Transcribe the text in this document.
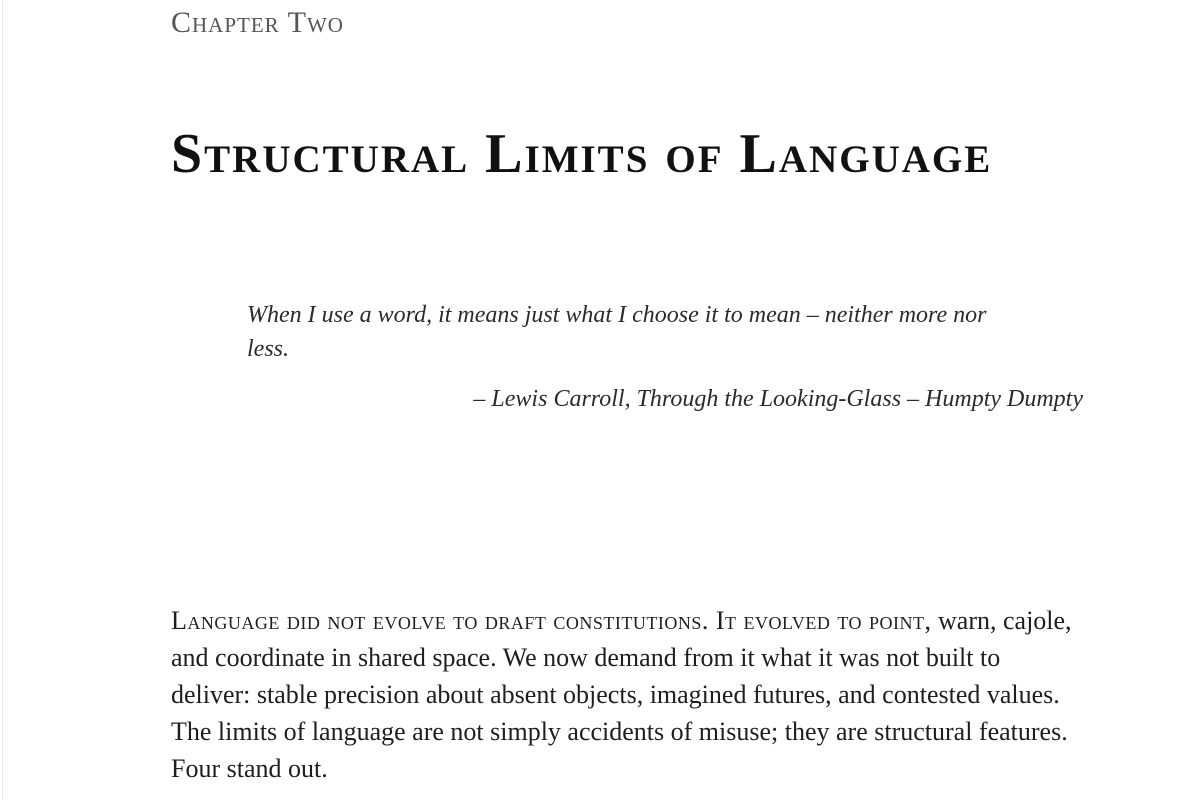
Chapter Two
Structural Limits of Language
When I use a word, it means just what I choose it to mean – neither more nor less.
– Lewis Carroll, Through the Looking-Glass – Humpty Dumpty

Language did not evolve to draft constitutions. It evolved to point, warn, cajole, and coordinate in shared space. We now demand from it what it was not built to deliver: stable precision about absent objects, imagined futures, and contested values. The limits of language are not simply accidents of misuse; they are structural features. Four stand out.
